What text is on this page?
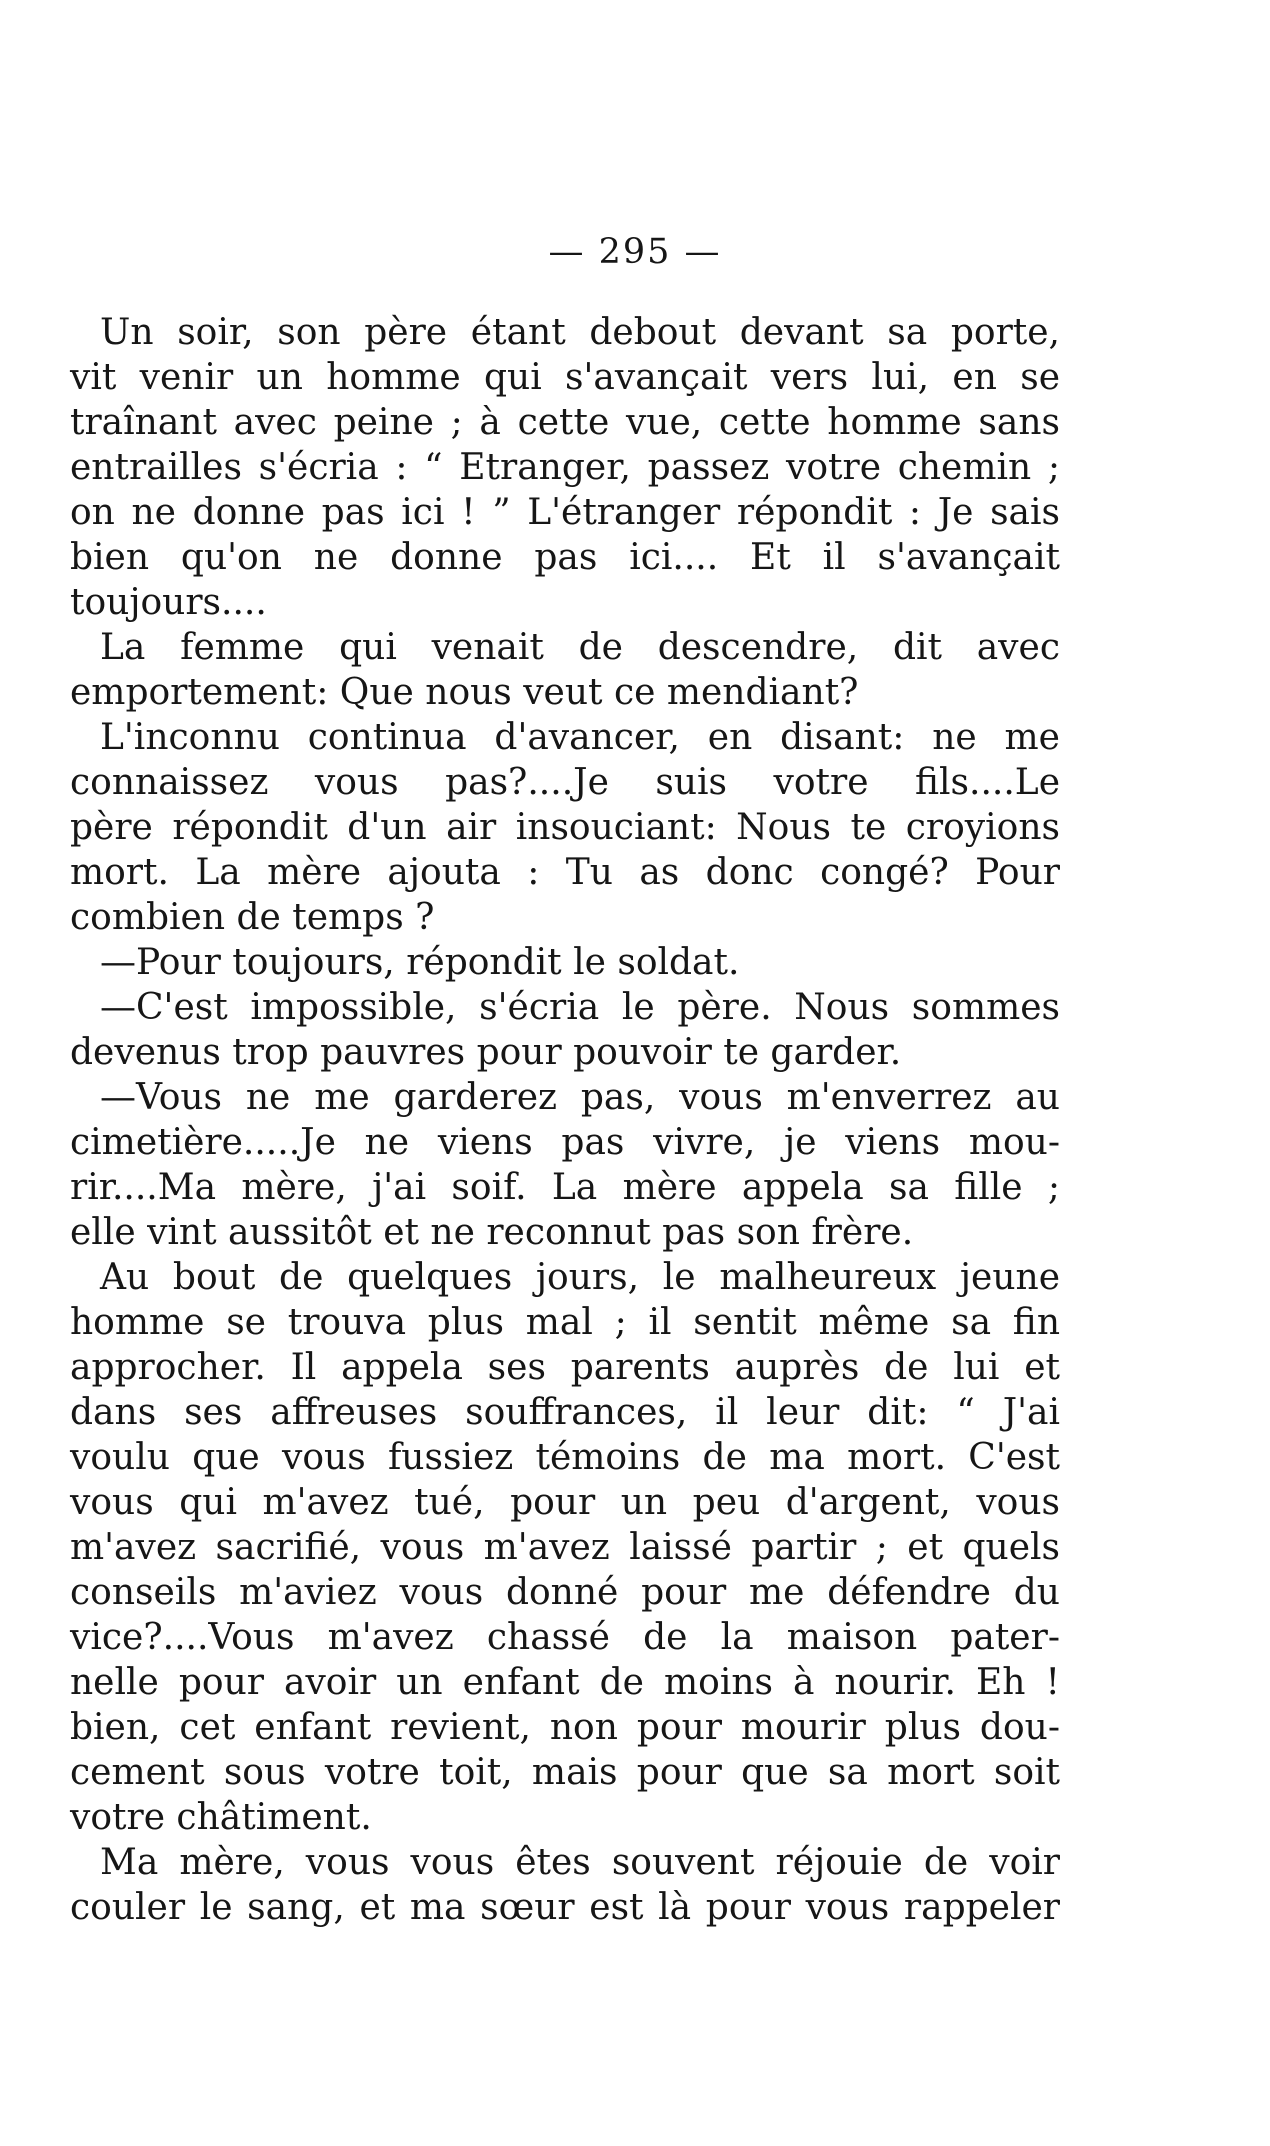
— 295 —
Un soir, son père étant debout devant sa porte,
vit venir un homme qui s'avançait vers lui, en se
traînant avec peine ; à cette vue, cette homme sans
entrailles s'écria : “ Etranger, passez votre chemin ;
on ne donne pas ici ! ” L'étranger répondit : Je sais
bien qu'on ne donne pas ici.... Et il s'avançait
toujours....
La femme qui venait de descendre, dit avec
emportement: Que nous veut ce mendiant?
L'inconnu continua d'avancer, en disant: ne me
connaissez vous pas?....Je suis votre fils....Le
père répondit d'un air insouciant: Nous te croyions
mort. La mère ajouta : Tu as donc congé? Pour
combien de temps ?
—Pour toujours, répondit le soldat.
—C'est impossible, s'écria le père. Nous sommes
devenus trop pauvres pour pouvoir te garder.
—Vous ne me garderez pas, vous m'enverrez au
cimetière.....Je ne viens pas vivre, je viens mou-
rir....Ma mère, j'ai soif. La mère appela sa fille ;
elle vint aussitôt et ne reconnut pas son frère.
Au bout de quelques jours, le malheureux jeune
homme se trouva plus mal ; il sentit même sa fin
approcher. Il appela ses parents auprès de lui et
dans ses affreuses souffrances, il leur dit: “ J'ai
voulu que vous fussiez témoins de ma mort. C'est
vous qui m'avez tué, pour un peu d'argent, vous
m'avez sacrifié, vous m'avez laissé partir ; et quels
conseils m'aviez vous donné pour me défendre du
vice?....Vous m'avez chassé de la maison pater-
nelle pour avoir un enfant de moins à nourir. Eh !
bien, cet enfant revient, non pour mourir plus dou-
cement sous votre toit, mais pour que sa mort soit
votre châtiment.
Ma mère, vous vous êtes souvent réjouie de voir
couler le sang, et ma sœur est là pour vous rappeler
